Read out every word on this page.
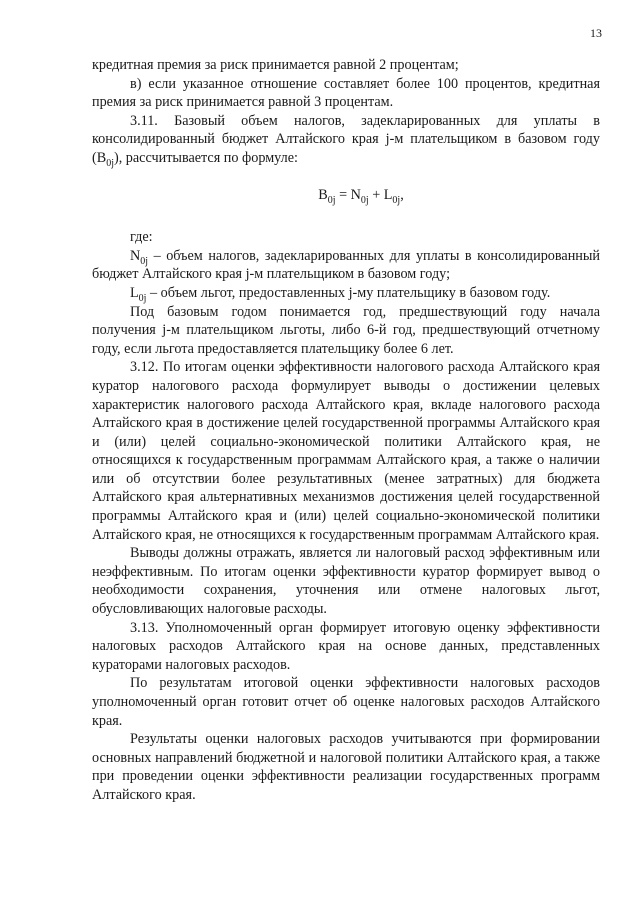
13

кредитная премия за риск принимается равной 2 процентам;

в) если указанное отношение составляет более 100 процентов, кредитная премия за риск принимается равной 3 процентам.

3.11. Базовый объем налогов, задекларированных для уплаты в консолидированный бюджет Алтайского края j-м плательщиком в базовом году $(B_{0j})$, рассчитывается по формуле:

$B_{0j} = N_{0j} + L_{0j}$,

где:

$N_{0j}$ – объем налогов, задекларированных для уплаты в консолидированный бюджет Алтайского края j-м плательщиком в базовом году;

$L_{0j}$ – объем льгот, предоставленных j-му плательщику в базовом году.

Под базовым годом понимается год, предшествующий году начала получения j-м плательщиком льготы, либо 6-й год, предшествующий отчетному году, если льгота предоставляется плательщику более 6 лет.

3.12. По итогам оценки эффективности налогового расхода Алтайского края куратор налогового расхода формулирует выводы о достижении целевых характеристик налогового расхода Алтайского края, вкладе налогового расхода Алтайского края в достижение целей государственной программы Алтайского края и (или) целей социально-экономической политики Алтайского края, не относящихся к государственным программам Алтайского края, а также о наличии или об отсутствии более результативных (менее затратных) для бюджета Алтайского края альтернативных механизмов достижения целей государственной программы Алтайского края и (или) целей социально-экономической политики Алтайского края, не относящихся к государственным программам Алтайского края.

Выводы должны отражать, является ли налоговый расход эффективным или неэффективным. По итогам оценки эффективности куратор формирует вывод о необходимости сохранения, уточнения или отмене налоговых льгот, обусловливающих налоговые расходы.

3.13. Уполномоченный орган формирует итоговую оценку эффективности налоговых расходов Алтайского края на основе данных, представленных кураторами налоговых расходов.

По результатам итоговой оценки эффективности налоговых расходов уполномоченный орган готовит отчет об оценке налоговых расходов Алтайского края.

Результаты оценки налоговых расходов учитываются при формировании основных направлений бюджетной и налоговой политики Алтайского края, а также при проведении оценки эффективности реализации государственных программ Алтайского края.
